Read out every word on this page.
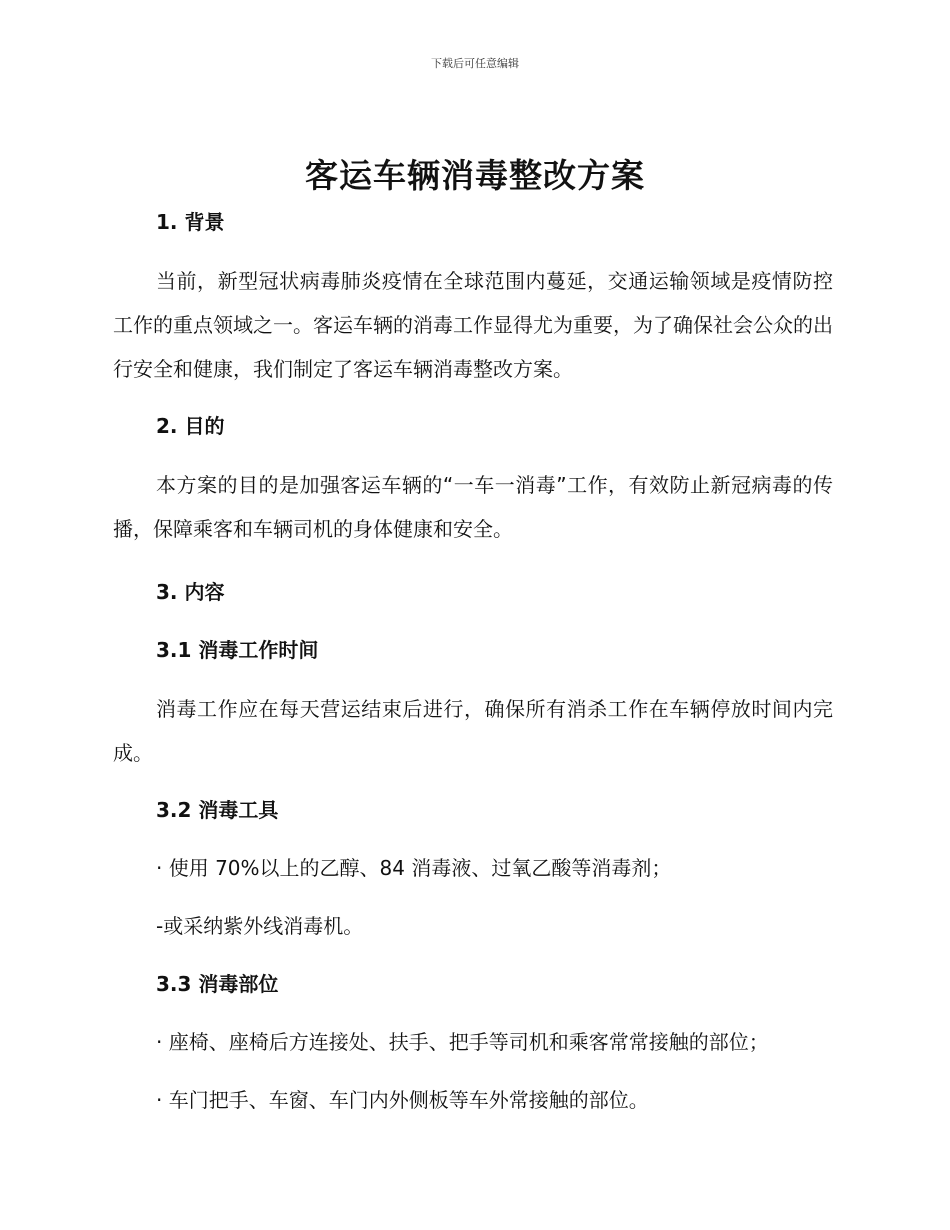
下载后可任意编辑
客运车辆消毒整改方案

1. 背景

当前，新型冠状病毒肺炎疫情在全球范围内蔓延，交通运输领域是疫情防控工作的重点领域之一。客运车辆的消毒工作显得尤为重要，为了确保社会公众的出行安全和健康，我们制定了客运车辆消毒整改方案。

2. 目的

本方案的目的是加强客运车辆的“一车一消毒”工作，有效防止新冠病毒的传播，保障乘客和车辆司机的身体健康和安全。

3. 内容

3.1 消毒工作时间

消毒工作应在每天营运结束后进行，确保所有消杀工作在车辆停放时间内完成。

3.2 消毒工具

· 使用 70%以上的乙醇、84 消毒液、过氧乙酸等消毒剂；

-或采纳紫外线消毒机。

3.3 消毒部位

· 座椅、座椅后方连接处、扶手、把手等司机和乘客常常接触的部位；

· 车门把手、车窗、车门内外侧板等车外常接触的部位。
